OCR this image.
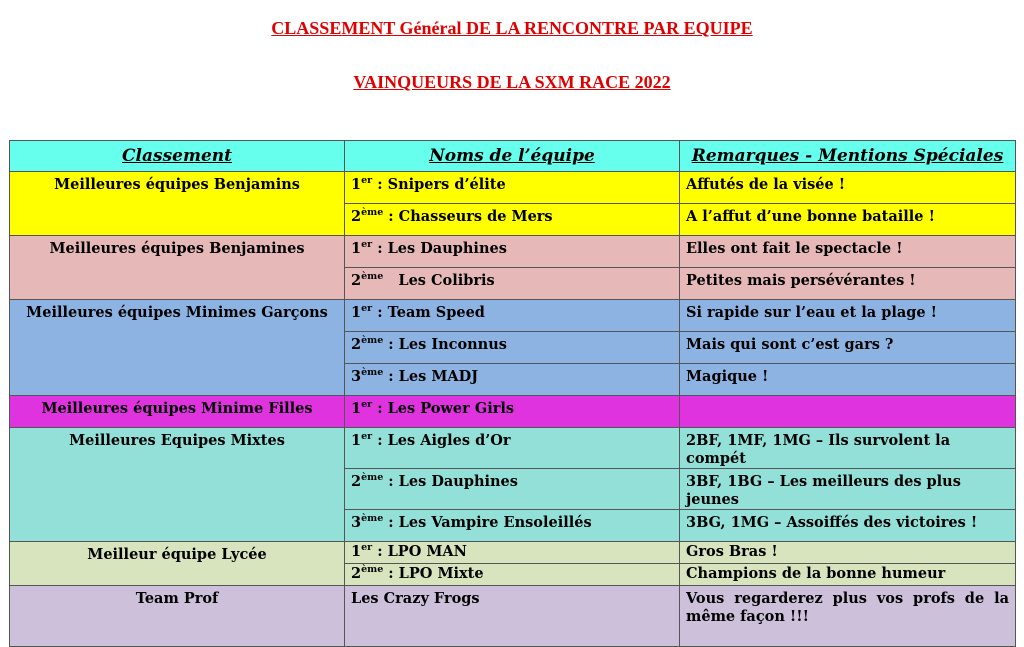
CLASSEMENT Général DE LA RENCONTRE PAR EQUIPE
VAINQUEURS DE LA SXM RACE 2022
Classement	Noms de l’équipe	Remarques - Mentions Spéciales
Meilleures équipes Benjamins	1er : Snipers d’élite	Affutés de la visée !
	2ème : Chasseurs de Mers	A l’affut d’une bonne bataille !
Meilleures équipes Benjamines	1er : Les Dauphines	Elles ont fait le spectacle !
	2ème   Les Colibris	Petites mais persévérantes !
Meilleures équipes Minimes Garçons	1er : Team Speed	Si rapide sur l’eau et la plage !
	2ème : Les Inconnus	Mais qui sont c’est gars ?
	3ème : Les MADJ	Magique !
Meilleures équipes Minime Filles	1er : Les Power Girls	
Meilleures Equipes Mixtes	1er : Les Aigles d’Or	2BF, 1MF, 1MG – Ils survolent la compét
	2ème : Les Dauphines	3BF, 1BG – Les meilleurs des plus jeunes
	3ème : Les Vampire Ensoleillés	3BG, 1MG – Assoiffés des victoires !
Meilleur équipe Lycée	1er : LPO MAN	Gros Bras !
	2ème : LPO Mixte	Champions de la bonne humeur
Team Prof	Les Crazy Frogs	Vous regarderez plus vos profs de la même façon !!!
